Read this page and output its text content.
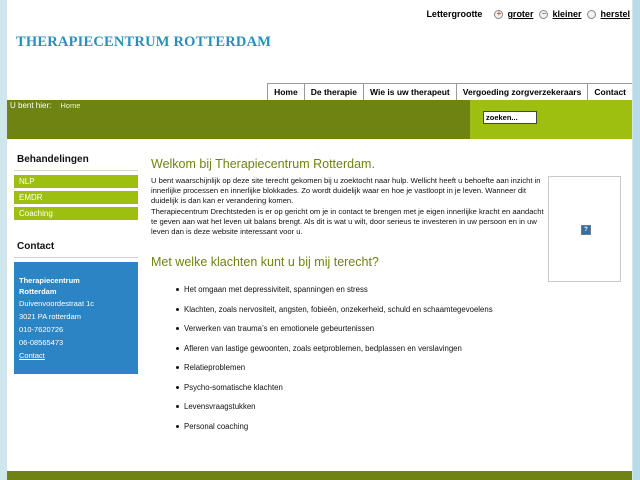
Lettergrootte + groter − kleiner herstel
THERAPIECENTRUM ROTTERDAM
Home	De therapie	Wie is uw therapeut	Vergoeding zorgverzekeraars	Contact
U bent hier: Home
zoeken...
Behandelingen
NLP
EMDR
Coaching
Contact
Therapiecentrum Rotterdam
Duivenvoordestraat 1c
3021 PA rotterdam
010-7620726
06-08565473
Contact
Welkom bij Therapiecentrum Rotterdam.

U bent waarschijnlijk op deze site terecht gekomen bij u zoektocht naar hulp. Wellicht heeft u behoefte aan inzicht in innerlijke processen en innerlijke blokkades. Zo wordt duidelijk waar en hoe je vastloopt in je leven. Wanneer dit duidelijk is dan kan er verandering komen.

Therapiecentrum Drechtsteden is er op gericht om je in contact te brengen met je eigen innerlijke kracht en aandacht te geven aan wat het leven uit balans brengt. Als dit is wat u wilt, door serieus te investeren in uw persoon en in uw leven dan is deze website interessant voor u.

Met welke klachten kunt u bij mij terecht?
Het omgaan met depressiviteit, spanningen en stress
Klachten, zoals nervositeit, angsten, fobieën, onzekerheid, schuld en schaamtegevoelens
Verwerken van trauma’s en emotionele gebeurtenissen
Afleren van lastige gewoonten, zoals eetproblemen, bedplassen en verslavingen
Relatieproblemen
Psycho-somatische klachten
Levensvraagstukken
Personal coaching
?
